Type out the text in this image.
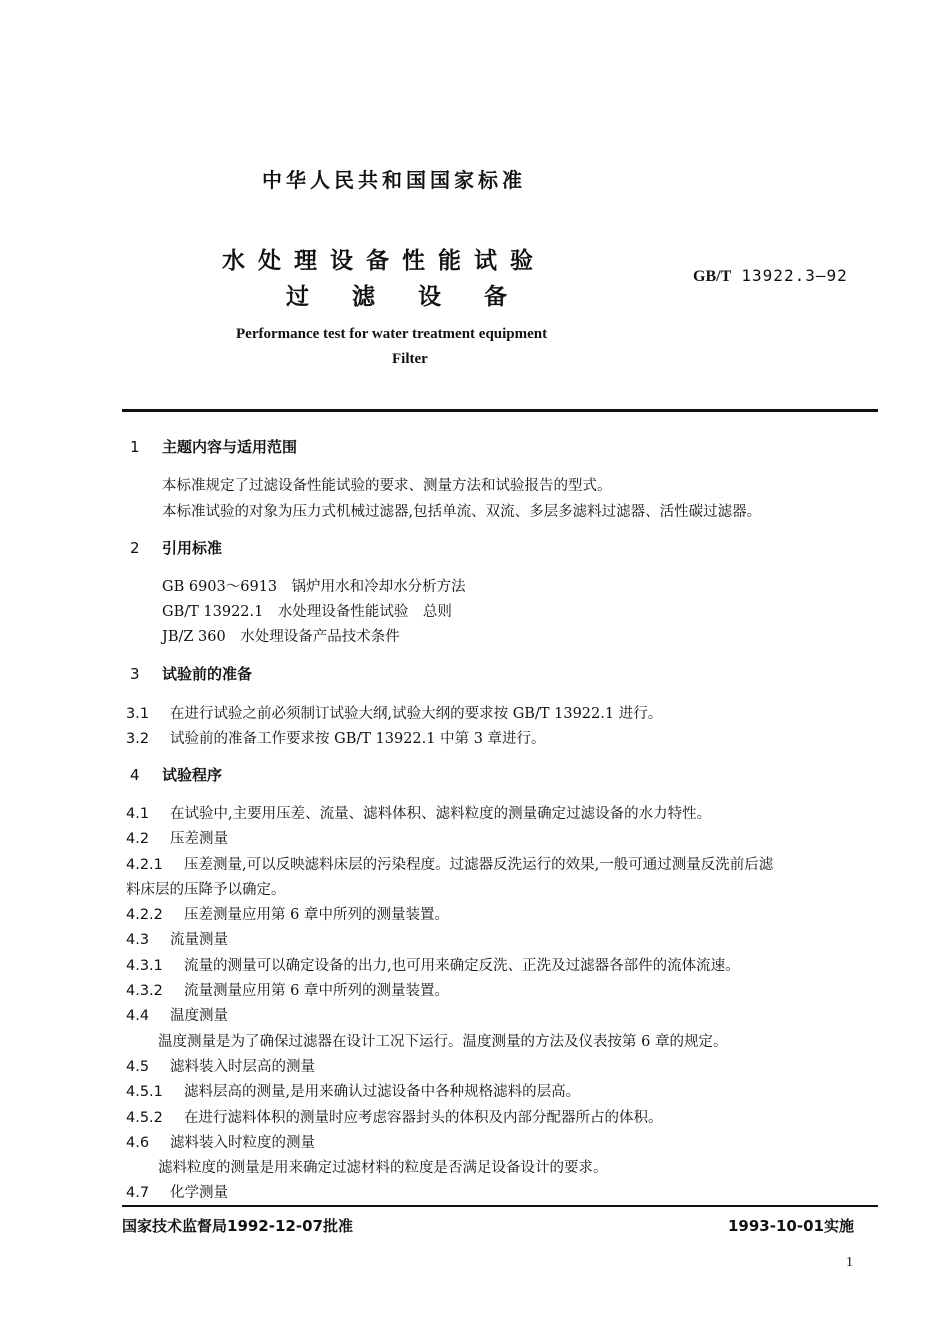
中华人民共和国国家标准
水处理设备性能试验
过滤设备
GB/T 13922.3—92
Performance test for water treatment equipment
Filter
1 主题内容与适用范围
本标准规定了过滤设备性能试验的要求、测量方法和试验报告的型式。
本标准试验的对象为压力式机械过滤器,包括单流、双流、多层多滤料过滤器、活性碳过滤器。
2 引用标准
GB 6903～6913　锅炉用水和冷却水分析方法
GB/T 13922.1　水处理设备性能试验　总则
JB/Z 360　水处理设备产品技术条件
3 试验前的准备
3.1 在进行试验之前必须制订试验大纲,试验大纲的要求按 GB/T 13922.1 进行。
3.2 试验前的准备工作要求按 GB/T 13922.1 中第 3 章进行。
4 试验程序
4.1 在试验中,主要用压差、流量、滤料体积、滤料粒度的测量确定过滤设备的水力特性。
4.2 压差测量
4.2.1 压差测量,可以反映滤料床层的污染程度。过滤器反洗运行的效果,一般可通过测量反洗前后滤
料床层的压降予以确定。
4.2.2 压差测量应用第 6 章中所列的测量装置。
4.3 流量测量
4.3.1 流量的测量可以确定设备的出力,也可用来确定反洗、正洗及过滤器各部件的流体流速。
4.3.2 流量测量应用第 6 章中所列的测量装置。
4.4 温度测量
温度测量是为了确保过滤器在设计工况下运行。温度测量的方法及仪表按第 6 章的规定。
4.5 滤料装入时层高的测量
4.5.1 滤料层高的测量,是用来确认过滤设备中各种规格滤料的层高。
4.5.2 在进行滤料体积的测量时应考虑容器封头的体积及内部分配器所占的体积。
4.6 滤料装入时粒度的测量
滤料粒度的测量是用来确定过滤材料的粒度是否满足设备设计的要求。
4.7 化学测量
国家技术监督局1992-12-07批准	1993-10-01实施
1
